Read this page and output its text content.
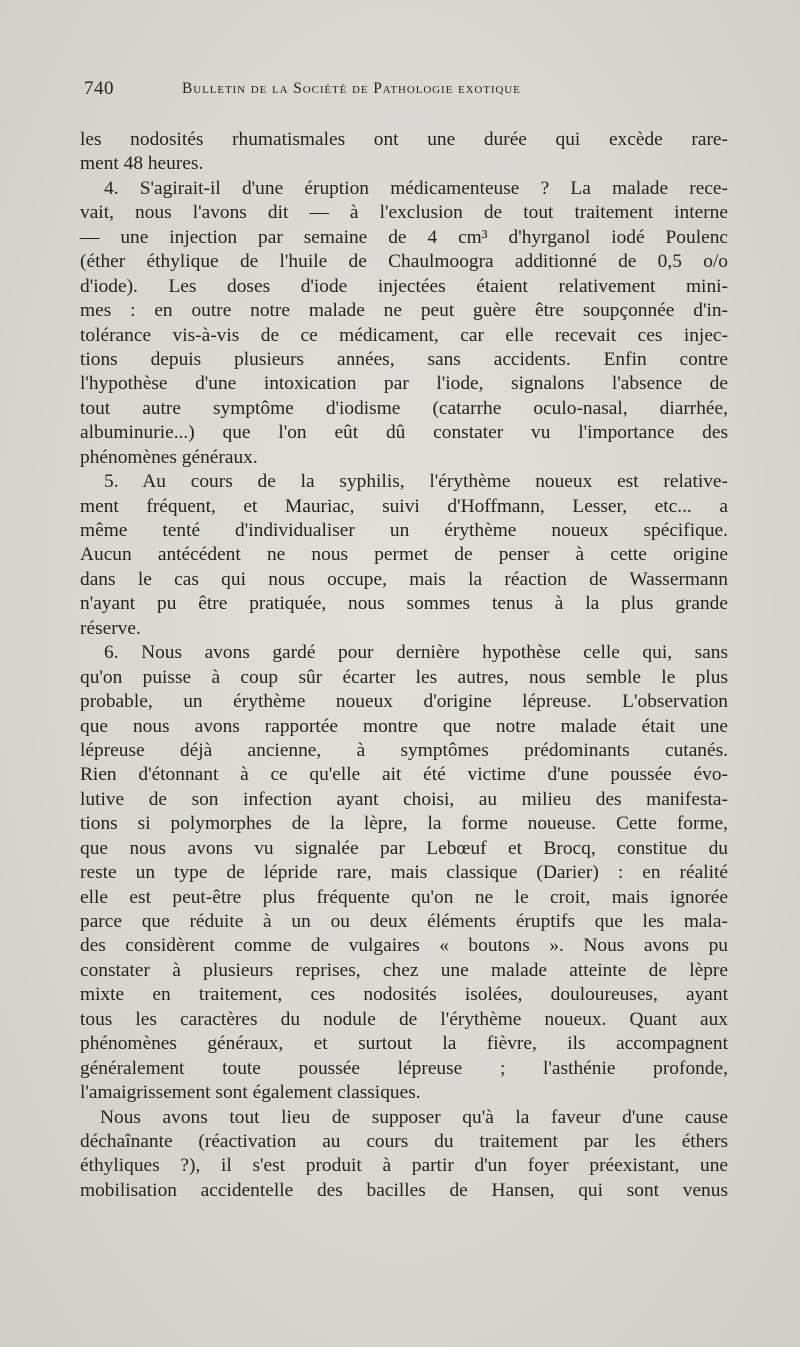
740	Bulletin de la Société de Pathologie exotique
les nodosités rhumatismales ont une durée qui excède rare-
ment 48 heures.
4. S'agirait-il d'une éruption médicamenteuse ? La malade rece-
vait, nous l'avons dit — à l'exclusion de tout traitement interne
— une injection par semaine de 4 cm³ d'hyrganol iodé Poulenc
(éther éthylique de l'huile de Chaulmoogra additionné de 0,5 o/o
d'iode). Les doses d'iode injectées étaient relativement mini-
mes : en outre notre malade ne peut guère être soupçonnée d'in-
tolérance vis-à-vis de ce médicament, car elle recevait ces injec-
tions depuis plusieurs années, sans accidents. Enfin contre
l'hypothèse d'une intoxication par l'iode, signalons l'absence de
tout autre symptôme d'iodisme (catarrhe oculo-nasal, diarrhée,
albuminurie...) que l'on eût dû constater vu l'importance des
phénomènes généraux.
5. Au cours de la syphilis, l'érythème noueux est relative-
ment fréquent, et Mauriac, suivi d'Hoffmann, Lesser, etc... a
même tenté d'individualiser un érythème noueux spécifique.
Aucun antécédent ne nous permet de penser à cette origine
dans le cas qui nous occupe, mais la réaction de Wassermann
n'ayant pu être pratiquée, nous sommes tenus à la plus grande
réserve.
6. Nous avons gardé pour dernière hypothèse celle qui, sans
qu'on puisse à coup sûr écarter les autres, nous semble le plus
probable, un érythème noueux d'origine lépreuse. L'observation
que nous avons rapportée montre que notre malade était une
lépreuse déjà ancienne, à symptômes prédominants cutanés.
Rien d'étonnant à ce qu'elle ait été victime d'une poussée évo-
lutive de son infection ayant choisi, au milieu des manifesta-
tions si polymorphes de la lèpre, la forme noueuse. Cette forme,
que nous avons vu signalée par Lebœuf et Brocq, constitue du
reste un type de lépride rare, mais classique (Darier) : en réalité
elle est peut-être plus fréquente qu'on ne le croit, mais ignorée
parce que réduite à un ou deux éléments éruptifs que les mala-
des considèrent comme de vulgaires « boutons ». Nous avons pu
constater à plusieurs reprises, chez une malade atteinte de lèpre
mixte en traitement, ces nodosités isolées, douloureuses, ayant
tous les caractères du nodule de l'érythème noueux. Quant aux
phénomènes généraux, et surtout la fièvre, ils accompagnent
généralement toute poussée lépreuse ; l'asthénie profonde,
l'amaigrissement sont également classiques.
Nous avons tout lieu de supposer qu'à la faveur d'une cause
déchaînante (réactivation au cours du traitement par les éthers
éthyliques ?), il s'est produit à partir d'un foyer préexistant, une
mobilisation accidentelle des bacilles de Hansen, qui sont venus
